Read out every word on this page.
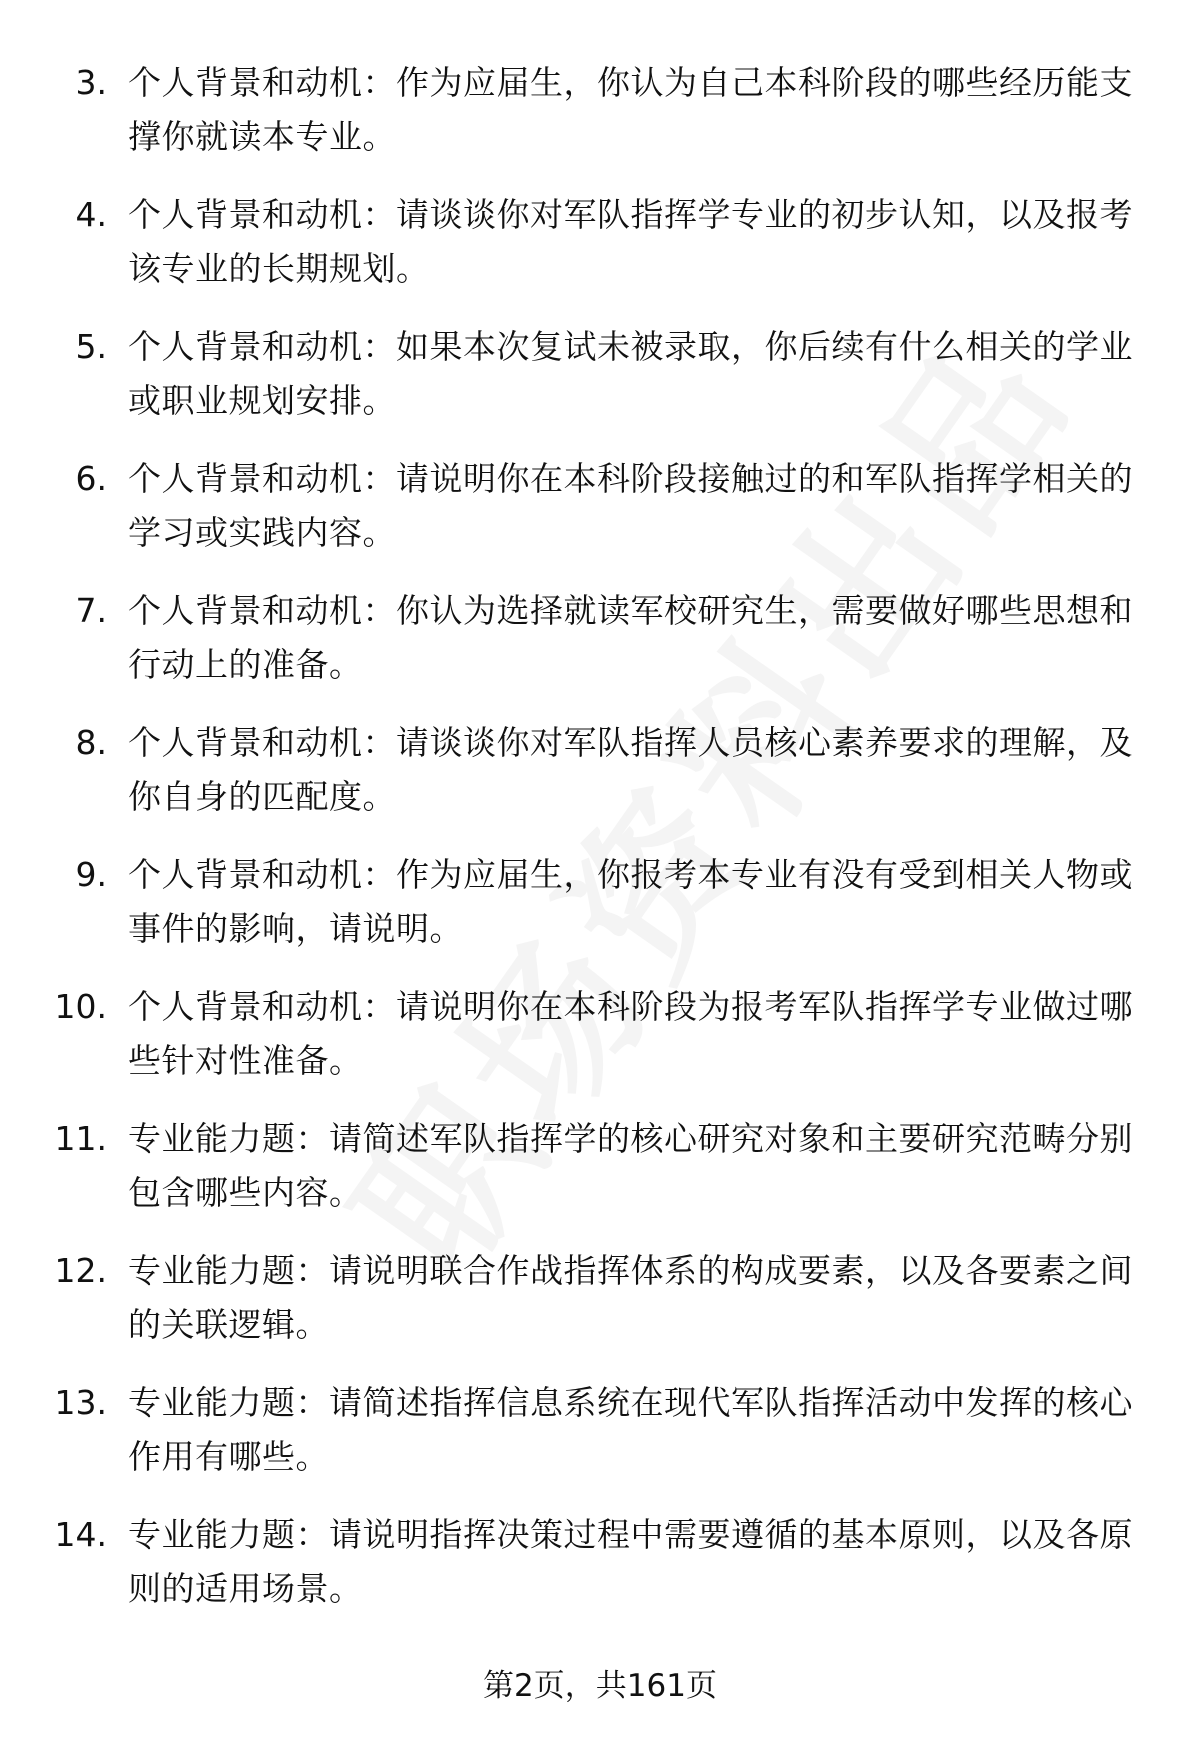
3. 个人背景和动机：作为应届生，你认为自己本科阶段的哪些经历能支撑你就读本专业。
4. 个人背景和动机：请谈谈你对军队指挥学专业的初步认知，以及报考该专业的长期规划。
5. 个人背景和动机：如果本次复试未被录取，你后续有什么相关的学业或职业规划安排。
6. 个人背景和动机：请说明你在本科阶段接触过的和军队指挥学相关的学习或实践内容。
7. 个人背景和动机：你认为选择就读军校研究生，需要做好哪些思想和行动上的准备。
8. 个人背景和动机：请谈谈你对军队指挥人员核心素养要求的理解，及你自身的匹配度。
9. 个人背景和动机：作为应届生，你报考本专业有没有受到相关人物或事件的影响，请说明。
10. 个人背景和动机：请说明你在本科阶段为报考军队指挥学专业做过哪些针对性准备。
11. 专业能力题：请简述军队指挥学的核心研究对象和主要研究范畴分别包含哪些内容。
12. 专业能力题：请说明联合作战指挥体系的构成要素，以及各要素之间的关联逻辑。
13. 专业能力题：请简述指挥信息系统在现代军队指挥活动中发挥的核心作用有哪些。
14. 专业能力题：请说明指挥决策过程中需要遵循的基本原则，以及各原则的适用场景。
第2页，共161页
